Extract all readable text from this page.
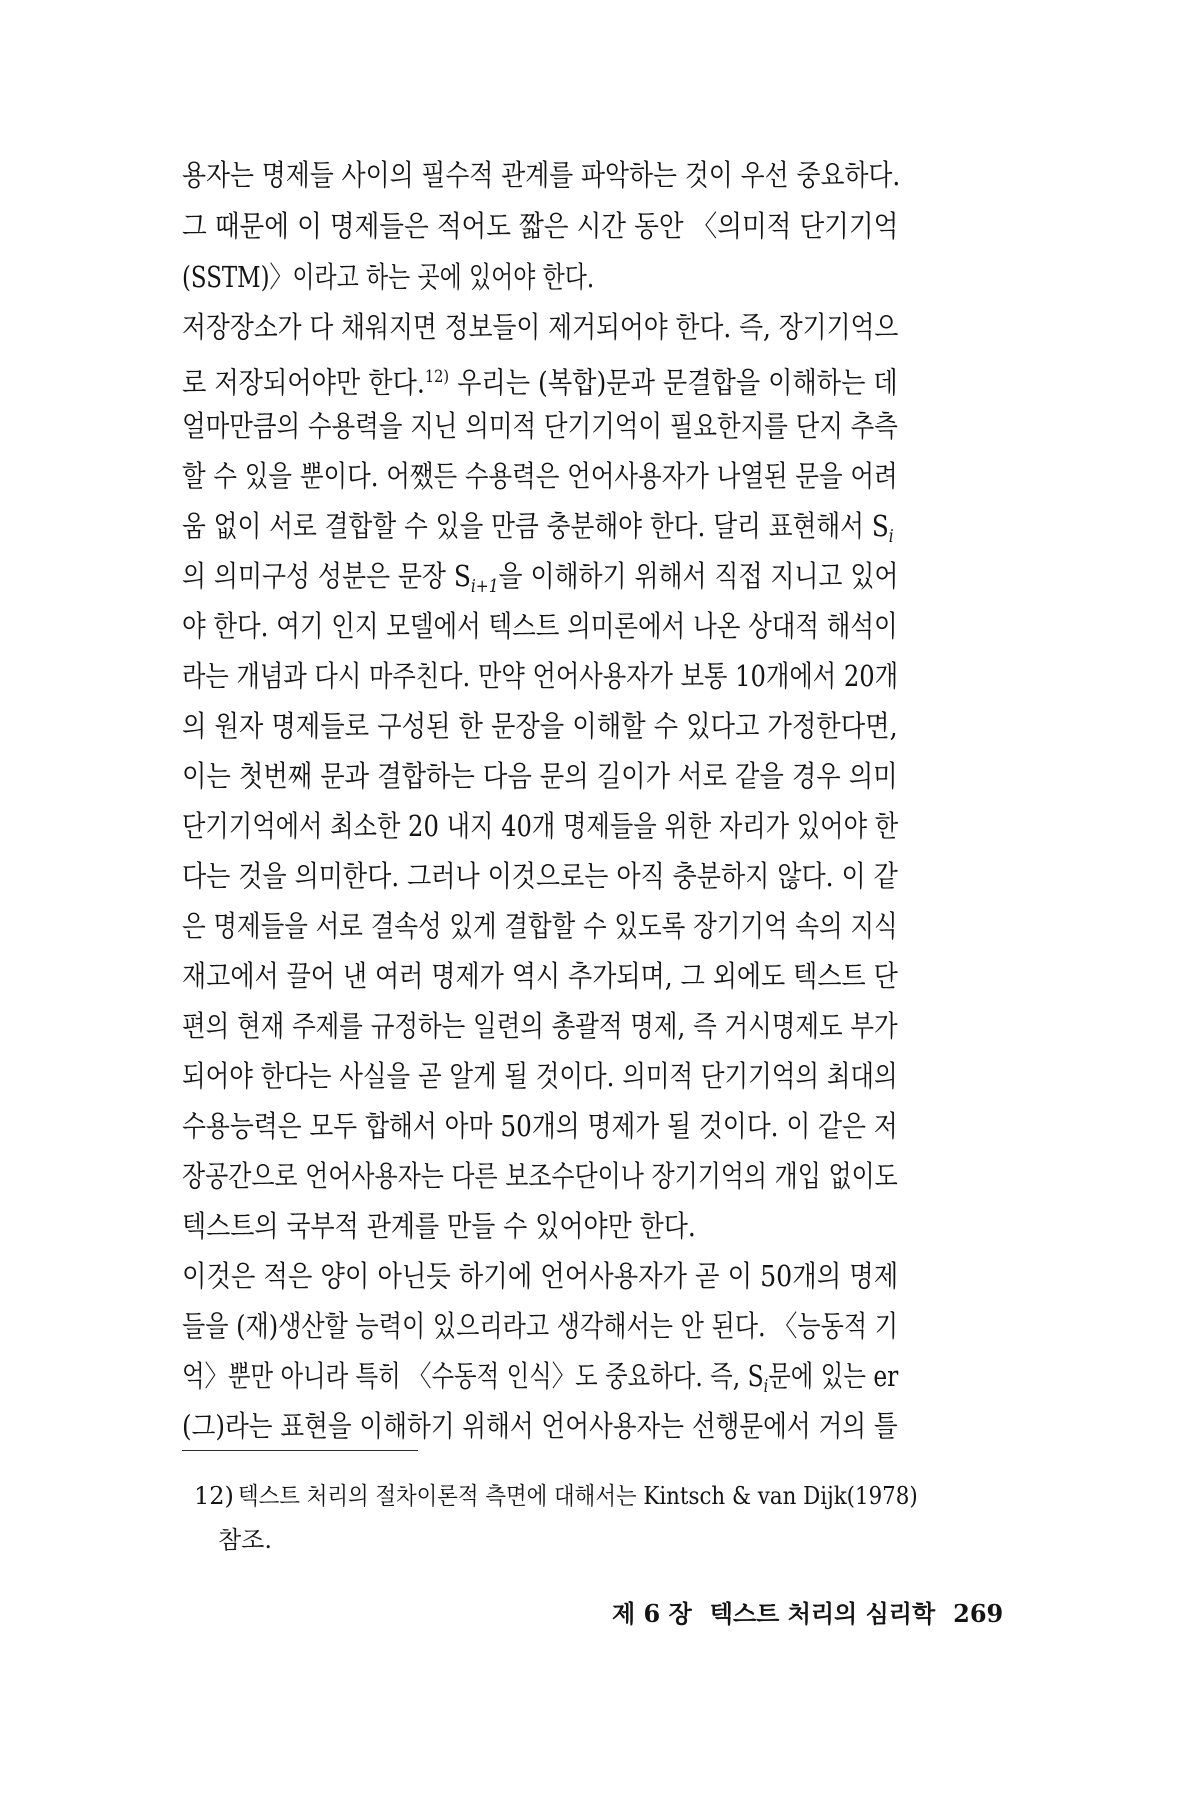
용자는 명제들 사이의 필수적 관계를 파악하는 것이 우선 중요하다.
그 때문에 이 명제들은 적어도 짧은 시간 동안 〈의미적 단기기억
(SSTM)〉이라고 하는 곳에 있어야 한다.
저장장소가 다 채워지면 정보들이 제거되어야 한다. 즉, 장기기억으
로 저장되어야만 한다.$^{12)}$ 우리는 (복합)문과 문결합을 이해하는 데
얼마만큼의 수용력을 지닌 의미적 단기기억이 필요한지를 단지 추측
할 수 있을 뿐이다. 어쨌든 수용력은 언어사용자가 나열된 문을 어려
움 없이 서로 결합할 수 있을 만큼 충분해야 한다. 달리 표현해서 $S_i$
의 의미구성 성분은 문장 $S_{i+1}$을 이해하기 위해서 직접 지니고 있어
야 한다. 여기 인지 모델에서 텍스트 의미론에서 나온 상대적 해석이
라는 개념과 다시 마주친다. 만약 언어사용자가 보통 10개에서 20개
의 원자 명제들로 구성된 한 문장을 이해할 수 있다고 가정한다면,
이는 첫번째 문과 결합하는 다음 문의 길이가 서로 같을 경우 의미
단기기억에서 최소한 20 내지 40개 명제들을 위한 자리가 있어야 한
다는 것을 의미한다. 그러나 이것으로는 아직 충분하지 않다. 이 같
은 명제들을 서로 결속성 있게 결합할 수 있도록 장기기억 속의 지식
재고에서 끌어 낸 여러 명제가 역시 추가되며, 그 외에도 텍스트 단
편의 현재 주제를 규정하는 일련의 총괄적 명제, 즉 거시명제도 부가
되어야 한다는 사실을 곧 알게 될 것이다. 의미적 단기기억의 최대의
수용능력은 모두 합해서 아마 50개의 명제가 될 것이다. 이 같은 저
장공간으로 언어사용자는 다른 보조수단이나 장기기억의 개입 없이도
텍스트의 국부적 관계를 만들 수 있어야만 한다.
이것은 적은 양이 아닌듯 하기에 언어사용자가 곧 이 50개의 명제
들을 (재)생산할 능력이 있으리라고 생각해서는 안 된다. 〈능동적 기
억〉뿐만 아니라 특히 〈수동적 인식〉도 중요하다. 즉, $S_i$문에 있는 er
(그)라는 표현을 이해하기 위해서 언어사용자는 선행문에서 거의 틀
12) 텍스트 처리의 절차이론적 측면에 대해서는 Kintsch & van Dijk(1978)
참조.
제 6 장 텍스트 처리의 심리학 269
